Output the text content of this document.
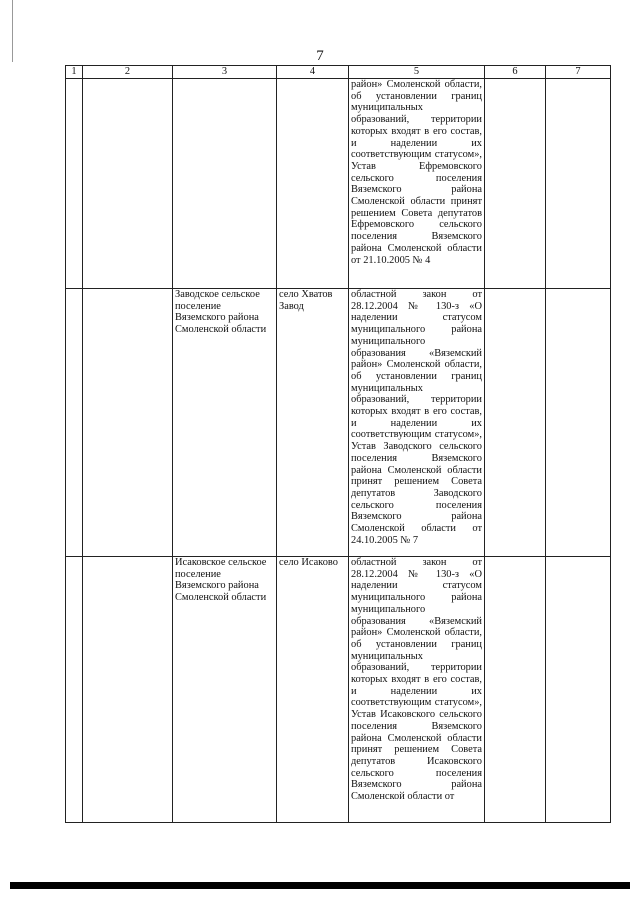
7
1	2	3	4	5	6	7
				район» Смоленской области, об установлении границ муниципальных образований, территории которых входят в его состав, и наделении их соответствующим статусом», Устав Ефремовского сельского поселения Вяземского района Смоленской области принят решением Совета депутатов Ефремовского сельского поселения Вяземского района Смоленской области от 21.10.2005 № 4		
		Заводское сельское поселение Вяземского района Смоленской области	село Хватов Завод	областной закон от 28.12.2004 № 130-з «О наделении статусом муниципального района муниципального образования «Вяземский район» Смоленской области, об установлении границ муниципальных образований, территории которых входят в его состав, и наделении их соответствующим статусом», Устав Заводского сельского поселения Вяземского района Смоленской области принят решением Совета депутатов Заводского сельского поселения Вяземского района Смоленской области от 24.10.2005 № 7		
		Исаковское сельское поселение Вяземского района Смоленской области	село Исаково	областной закон от 28.12.2004 № 130-з «О наделении статусом муниципального района муниципального образования «Вяземский район» Смоленской области, об установлении границ муниципальных образований, территории которых входят в его состав, и наделении их соответствующим статусом», Устав Исаковского сельского поселения Вяземского района Смоленской области принят решением Совета депутатов Исаковского сельского поселения Вяземского района Смоленской области от		
